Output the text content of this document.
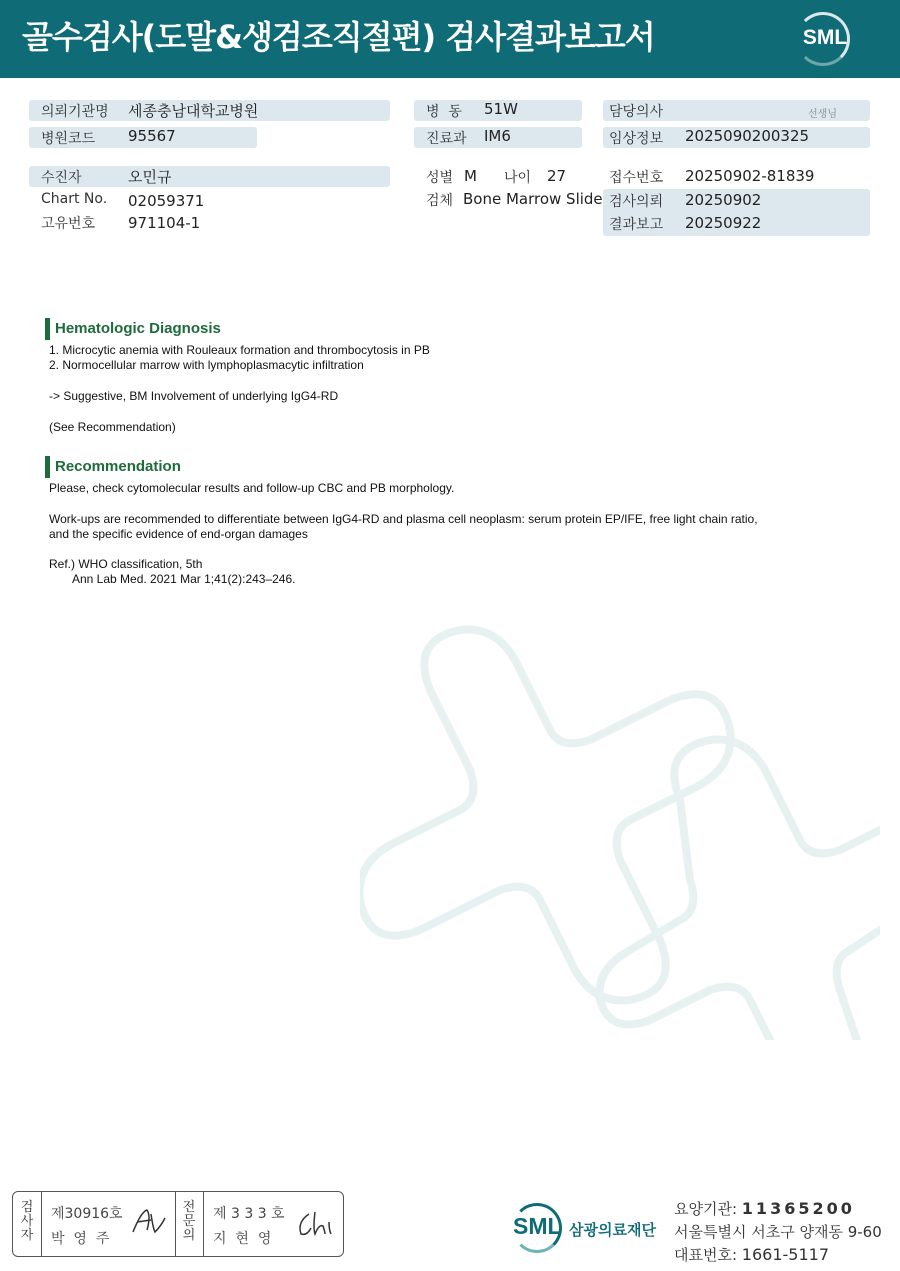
골수검사(도말&생검조직절편) 검사결과보고서	SML
의뢰기관명 세종충남대학교병원
병원코드 95567
수진자	오민규
Chart No. 02059371
고유번호 971104-1
병  동 51W
진료과 IM6
성별 M 나이 27
검체 Bone Marrow Slide
담당의사	선생님
임상정보 2025090200325
접수번호 20250902-81839
검사의뢰 20250902
결과보고 20250922
Hematologic Diagnosis
1. Microcytic anemia with Rouleaux formation and thrombocytosis in PB
2. Normocellular marrow with lymphoplasmacytic infiltration
-> Suggestive, BM Involvement of underlying IgG4-RD
(See Recommendation)
Recommendation
Please, check cytomolecular results and follow-up CBC and PB morphology.
Work-ups are recommended to differentiate between IgG4-RD and plasma cell neoplasm: serum protein EP/IFE, free light chain ratio,
and the specific evidence of end-organ damages
Ref.) WHO classification, 5th
Ann Lab Med. 2021 Mar 1;41(2):243–246.
검
사
자
제30916호
박  영  주
전
문
의
제 3 3 3 호
지  현  영	SML 삼광의료재단
요양기관: 11365200
서울특별시 서초구 양재동 9-60
대표번호: 1661-5117
